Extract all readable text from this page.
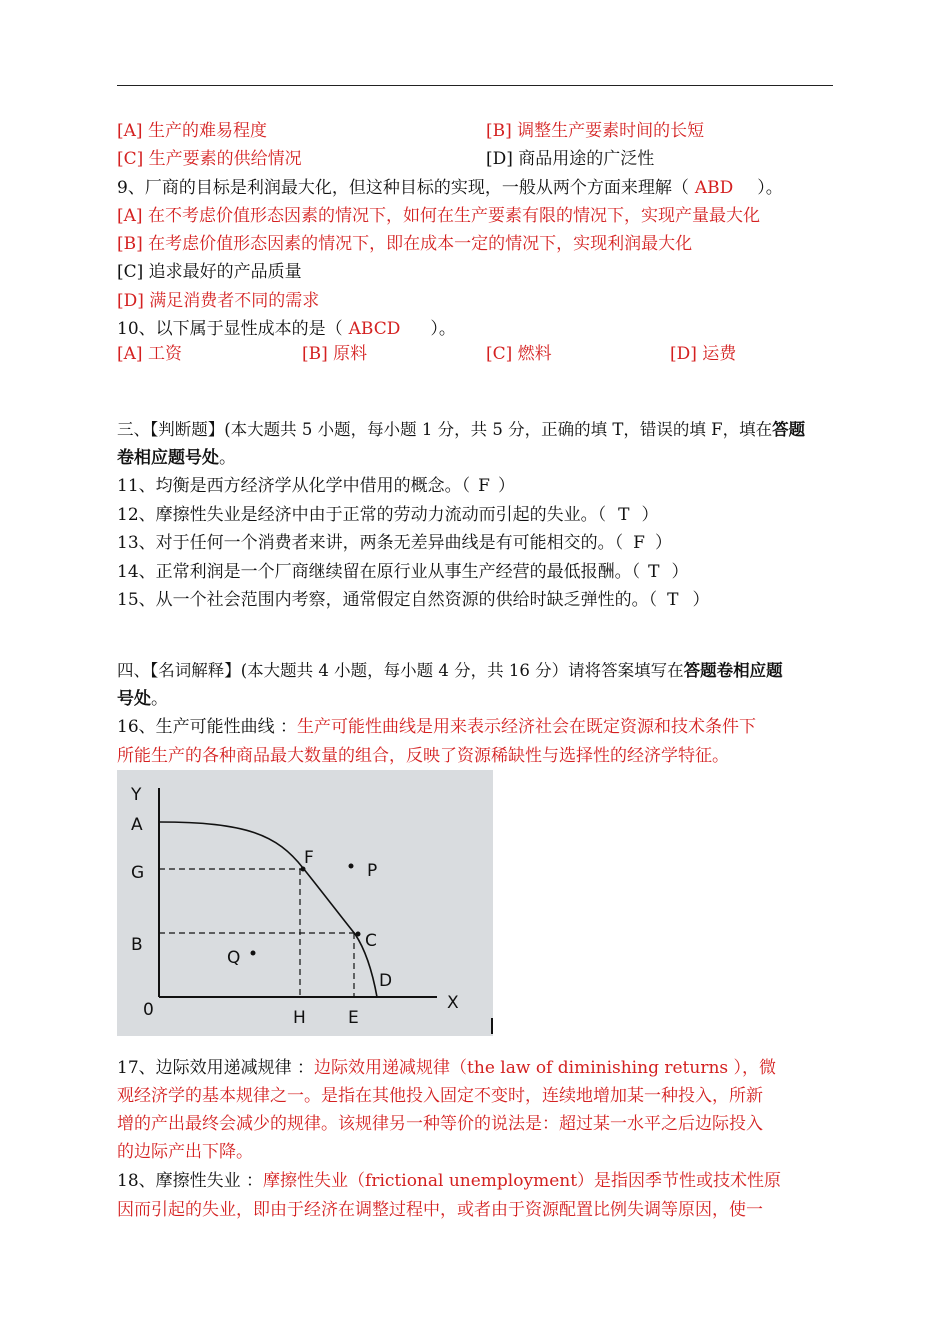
[A] 生产的难易程度	[B] 调整生产要素时间的长短
[C] 生产要素的供给情况	[D] 商品用途的广泛性
9、厂商的目标是利润最大化，但这种目标的实现，一般从两个方面来理解（ ABD ）。
[A] 在不考虑价值形态因素的情况下，如何在生产要素有限的情况下，实现产量最大化
[B] 在考虑价值形态因素的情况下，即在成本一定的情况下，实现利润最大化
[C] 追求最好的产品质量
[D] 满足消费者不同的需求
10、以下属于显性成本的是（ ABCD ）。
[A] 工资	[B] 原料	[C] 燃料	[D] 运费
三、【判断题】(本大题共 5 小题，每小题 1 分，共 5 分，正确的填 T，错误的填 F，填在答题
卷相应题号处。
11、均衡是西方经济学从化学中借用的概念。（ F ）
12、摩擦性失业是经济中由于正常的劳动力流动而引起的失业。（ T ）
13、对于任何一个消费者来讲，两条无差异曲线是有可能相交的。（ F ）
14、正常利润是一个厂商继续留在原行业从事生产经营的最低报酬。（ T ）
15、从一个社会范围内考察，通常假定自然资源的供给时缺乏弹性的。（ T ）
四、【名词解释】(本大题共 4 小题，每小题 4 分，共 16 分）请将答案填写在答题卷相应题
号处。
16、生产可能性曲线 ：生产可能性曲线是用来表示经济社会在既定资源和技术条件下
所能生产的各种商品最大数量的组合，反映了资源稀缺性与选择性的经济学特征。
Y
A
G
B
0	H E
X
F
P
C
Q
D
17、边际效用递减规律 ：边际效用递减规律（the law of diminishing returns ），微
观经济学的基本规律之一。是指在其他投入固定不变时，连续地增加某一种投入，所新
增的产出最终会减少的规律。该规律另一种等价的说法是：超过某一水平之后边际投入
的边际产出下降。
18、摩擦性失业 ：摩擦性失业（frictional unemployment）是指因季节性或技术性原
因而引起的失业，即由于经济在调整过程中，或者由于资源配置比例失调等原因，使一
